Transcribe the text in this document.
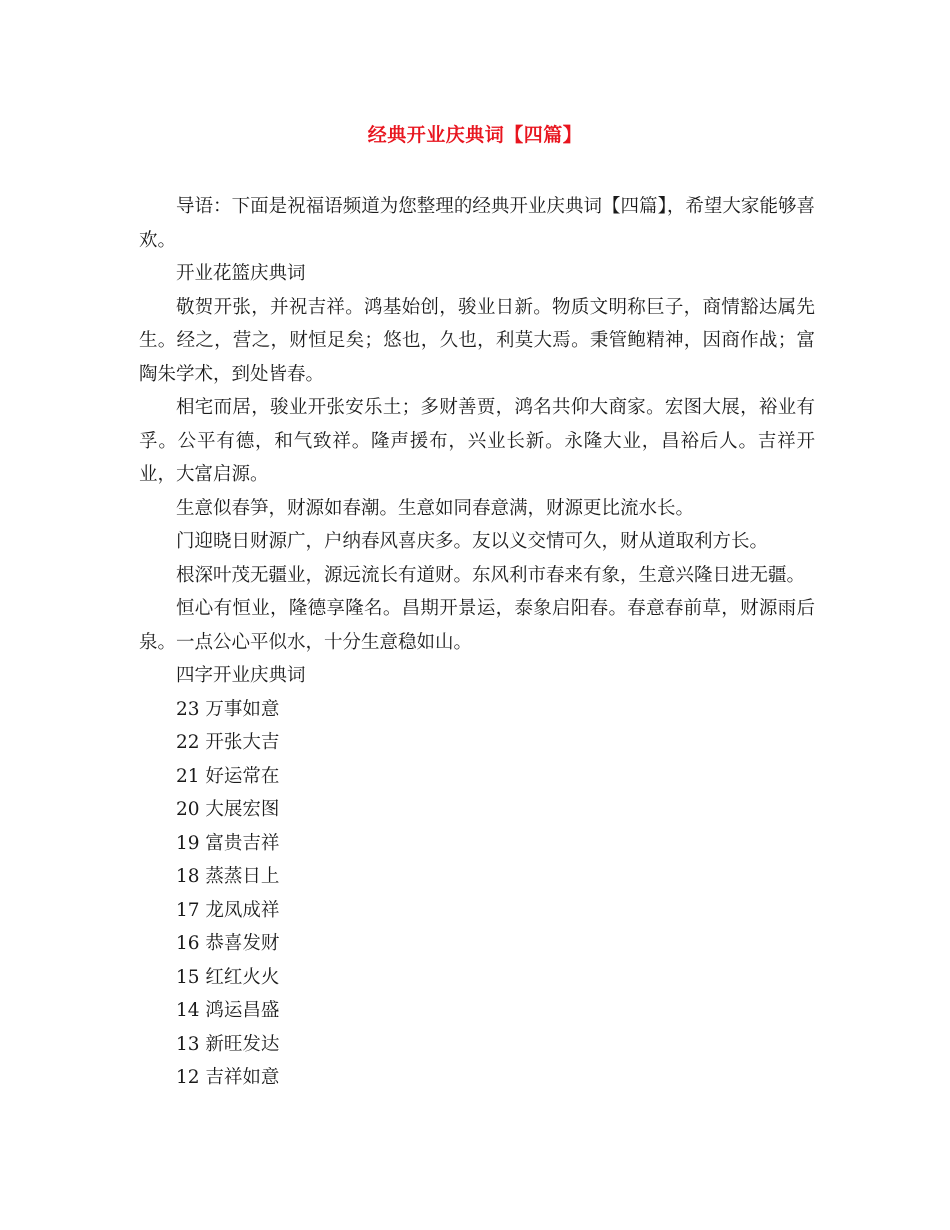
经典开业庆典词【四篇】

导语：下面是祝福语频道为您整理的经典开业庆典词【四篇】，希望大家能够喜欢。

开业花篮庆典词

敬贺开张，并祝吉祥。鸿基始创，骏业日新。物质文明称巨子，商情豁达属先生。经之，营之，财恒足矣；悠也，久也，利莫大焉。秉管鲍精神，因商作战；富陶朱学术，到处皆春。

相宅而居，骏业开张安乐土；多财善贾，鸿名共仰大商家。宏图大展，裕业有孚。公平有德，和气致祥。隆声援布，兴业长新。永隆大业，昌裕后人。吉祥开业，大富启源。

生意似春笋，财源如春潮。生意如同春意满，财源更比流水长。

门迎晓日财源广，户纳春风喜庆多。友以义交情可久，财从道取利方长。

根深叶茂无疆业，源远流长有道财。东风利市春来有象，生意兴隆日进无疆。

恒心有恒业，隆德享隆名。昌期开景运，泰象启阳春。春意春前草，财源雨后泉。一点公心平似水，十分生意稳如山。

四字开业庆典词

23 万事如意
22 开张大吉
21 好运常在
20 大展宏图
19 富贵吉祥
18 蒸蒸日上
17 龙凤成祥
16 恭喜发财
15 红红火火
14 鸿运昌盛
13 新旺发达
12 吉祥如意
